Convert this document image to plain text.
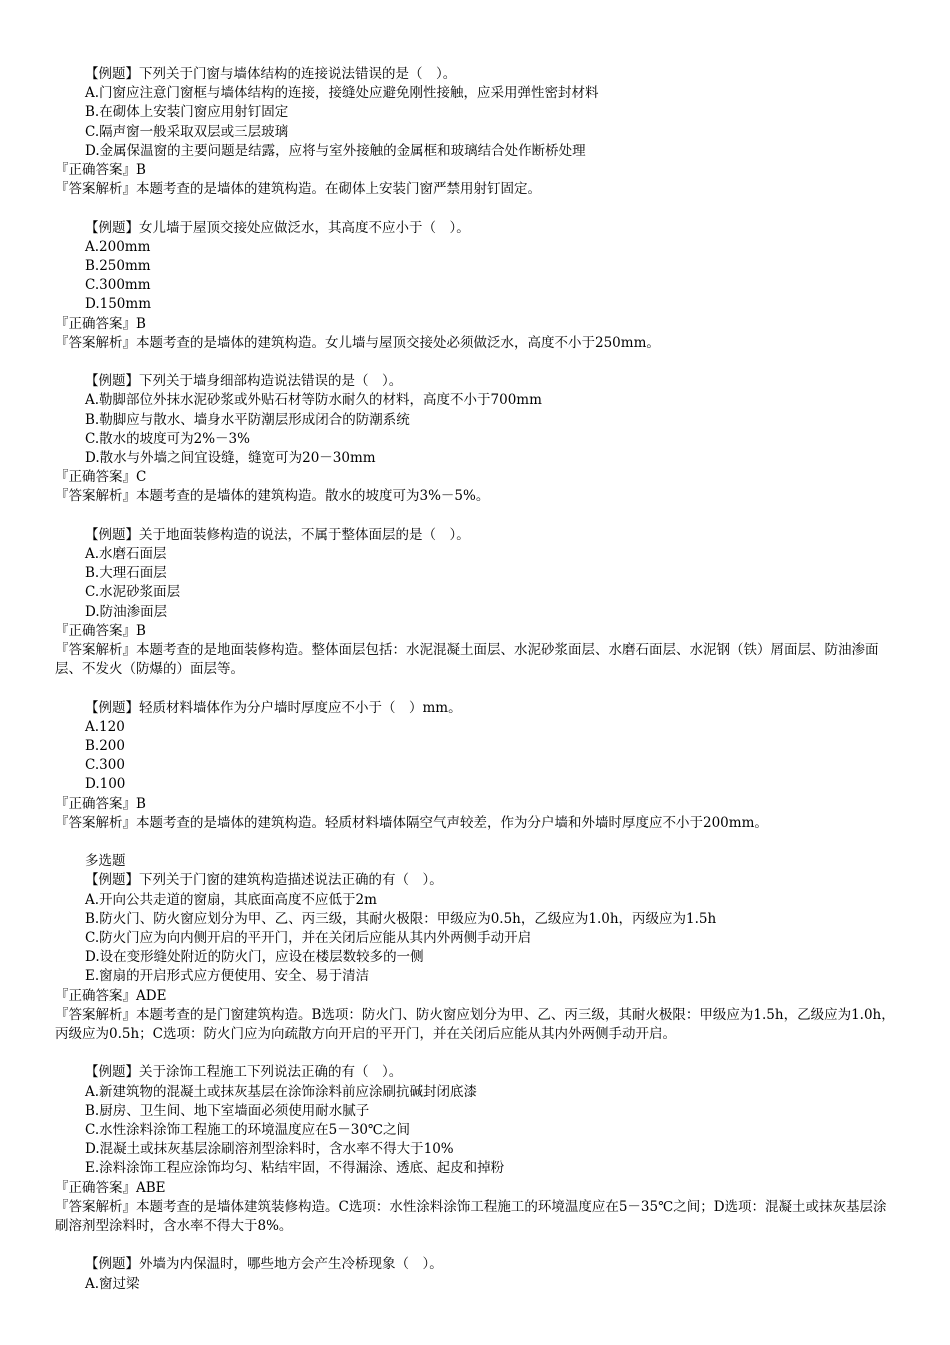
【例题】下列关于门窗与墙体结构的连接说法错误的是（　）。
A.门窗应注意门窗框与墙体结构的连接，接缝处应避免刚性接触，应采用弹性密封材料
B.在砌体上安装门窗应用射钉固定
C.隔声窗一般采取双层或三层玻璃
D.金属保温窗的主要问题是结露，应将与室外接触的金属框和玻璃结合处作断桥处理
『正确答案』B
『答案解析』本题考查的是墙体的建筑构造。在砌体上安装门窗严禁用射钉固定。
【例题】女儿墙于屋顶交接处应做泛水，其高度不应小于（　）。
A.200mm
B.250mm
C.300mm
D.150mm
『正确答案』B
『答案解析』本题考查的是墙体的建筑构造。女儿墙与屋顶交接处必须做泛水，高度不小于250mm。
【例题】下列关于墙身细部构造说法错误的是（　）。
A.勒脚部位外抹水泥砂浆或外贴石材等防水耐久的材料，高度不小于700mm
B.勒脚应与散水、墙身水平防潮层形成闭合的防潮系统
C.散水的坡度可为2%－3%
D.散水与外墙之间宜设缝，缝宽可为20－30mm
『正确答案』C
『答案解析』本题考查的是墙体的建筑构造。散水的坡度可为3%－5%。
【例题】关于地面装修构造的说法，不属于整体面层的是（　）。
A.水磨石面层
B.大理石面层
C.水泥砂浆面层
D.防油渗面层
『正确答案』B
『答案解析』本题考查的是地面装修构造。整体面层包括：水泥混凝土面层、水泥砂浆面层、水磨石面层、水泥钢（铁）屑面层、防油渗面层、不发火（防爆的）面层等。
【例题】轻质材料墙体作为分户墙时厚度应不小于（　）mm。
A.120
B.200
C.300
D.100
『正确答案』B
『答案解析』本题考查的是墙体的建筑构造。轻质材料墙体隔空气声较差，作为分户墙和外墙时厚度应不小于200mm。
多选题
【例题】下列关于门窗的建筑构造描述说法正确的有（　）。
A.开向公共走道的窗扇，其底面高度不应低于2m
B.防火门、防火窗应划分为甲、乙、丙三级，其耐火极限：甲级应为0.5h，乙级应为1.0h，丙级应为1.5h
C.防火门应为向内侧开启的平开门，并在关闭后应能从其内外两侧手动开启
D.设在变形缝处附近的防火门，应设在楼层数较多的一侧
E.窗扇的开启形式应方便使用、安全、易于清洁
『正确答案』ADE
『答案解析』本题考查的是门窗建筑构造。B选项：防火门、防火窗应划分为甲、乙、丙三级，其耐火极限：甲级应为1.5h，乙级应为1.0h，丙级应为0.5h；C选项：防火门应为向疏散方向开启的平开门，并在关闭后应能从其内外两侧手动开启。
【例题】关于涂饰工程施工下列说法正确的有（　）。
A.新建筑物的混凝土或抹灰基层在涂饰涂料前应涂刷抗碱封闭底漆
B.厨房、卫生间、地下室墙面必须使用耐水腻子
C.水性涂料涂饰工程施工的环境温度应在5－30℃之间
D.混凝土或抹灰基层涂刷溶剂型涂料时，含水率不得大于10%
E.涂料涂饰工程应涂饰均匀、粘结牢固，不得漏涂、透底、起皮和掉粉
『正确答案』ABE
『答案解析』本题考查的是墙体建筑装修构造。C选项：水性涂料涂饰工程施工的环境温度应在5－35℃之间；D选项：混凝土或抹灰基层涂刷溶剂型涂料时，含水率不得大于8%。
【例题】外墙为内保温时，哪些地方会产生冷桥现象（　）。
A.窗过梁
